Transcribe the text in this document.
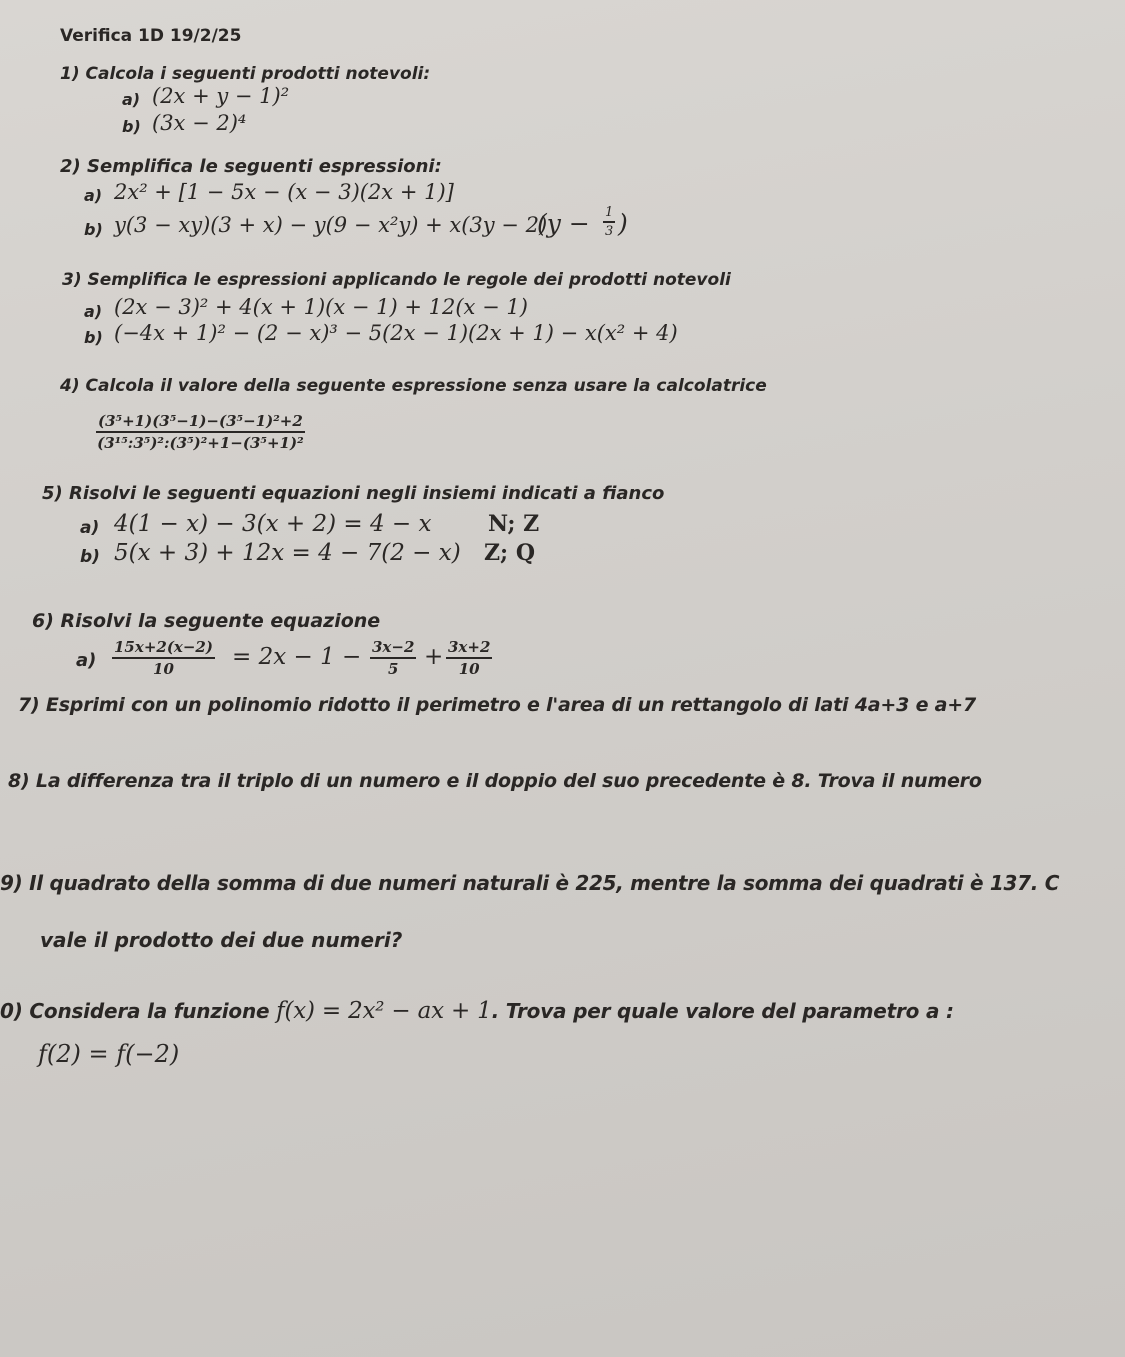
Verifica 1D 19/2/25
1) Calcola i seguenti prodotti notevoli:
a) (2x + y − 1)²
b) (3x − 2)⁴
2) Semplifica le seguenti espressioni:
a) 2x² + [1 − 5x − (x − 3)(2x + 1)]
b) y(3 − xy)(3 + x) − y(9 − x²y) + x(3y − 2)
($y - \frac{1}{3}$ )
3) Semplifica le espressioni applicando le regole dei prodotti notevoli
a) (2x − 3)² + 4(x + 1)(x − 1) + 12(x − 1)
b) (−4x + 1)² − (2 − x)³ − 5(2x − 1)(2x + 1) − x(x² + 4)
4) Calcola il valore della seguente espressione senza usare la calcolatrice
$\frac{\text{(3⁵+1)(3⁵−1)−(3⁵−1)²+2}}{\text{(3¹⁵:3⁵)²:(3⁵)²+1−(3⁵+1)²}}$
5) Risolvi le seguenti equazioni negli insiemi indicati a fianco
a) 4(1 − x) − 3(x + 2) = 4 − x	N; Z
b) 5(x + 3) + 12x = 4 − 7(2 − x) Z; Q
6) Risolvi la seguente equazione
$a) \frac{15x+2(x-2)}{10} = 2x - 1 - \frac{3x-2}{5} + \frac{3x+2}{10}$
7) Esprimi con un polinomio ridotto il perimetro e l'area di un rettangolo di lati 4a+3 e a+7
8) La differenza tra il triplo di un numero e il doppio del suo precedente è 8. Trova il numero
9) Il quadrato della somma di due numeri naturali è 225, mentre la somma dei quadrati è 137. C
vale il prodotto dei due numeri?
0) Considera la funzione f(x) = 2x² − ax + 1. Trova per quale valore del parametro a :
f(2) = f(−2)
